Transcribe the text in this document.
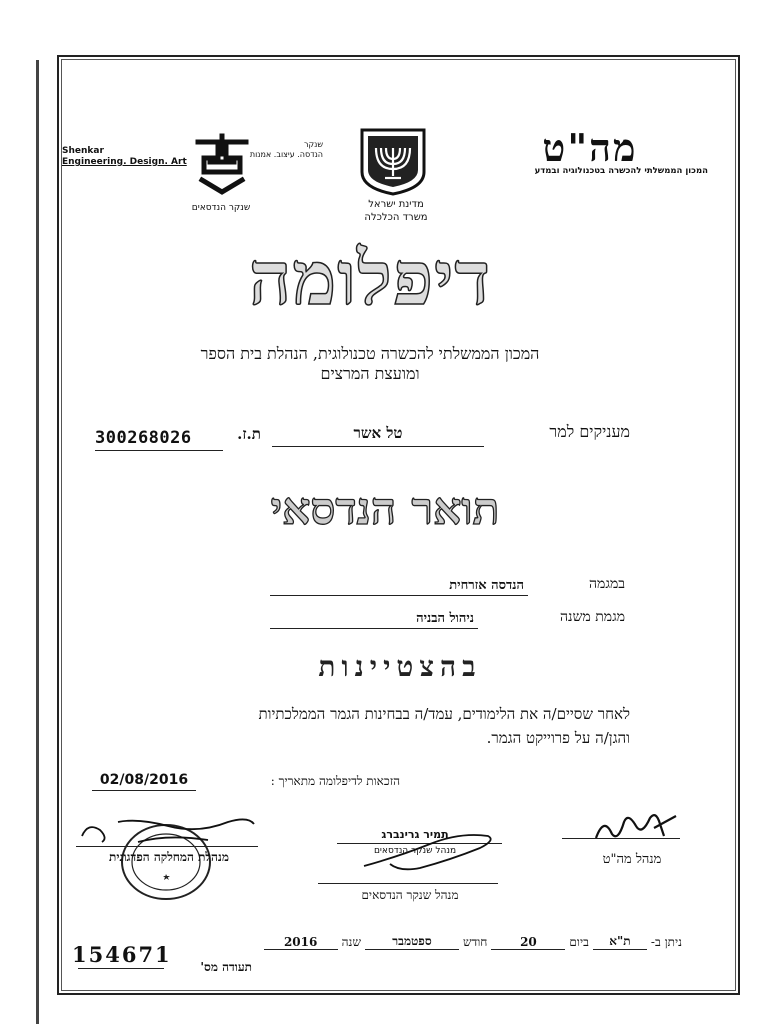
Shenkar
Engineering. Design. Art
שנקר
הנדסה. עיצוב. אמנות
שנקר הנדסאים	מדינת ישראל
משרד הכלכלה
מה"ט
המכון הממשלתי להכשרה בטכנולוגיה ובמדע
דיפלומה
המכון הממשלתי להכשרה טכנולוגית, הנהלת בית הספר
ומועצת המרצים
מעניקים למר
טל אשר
ת.ז.
300268026
תואר הנדסאי
במגמה
הנדסה אזרחית
מגמת משנה
ניהול הבניה
בהצטיינות
לאחר שסיים/ה את הלימודים, עמד/ה בבחינות הגמר הממלכתיות
והגן/ה על פרוייקט הגמר.
הזכאות לדיפלומה מתאריך :
02/08/2016
מנהל מה"ט
תמיר גרינברג
מנהל שנקר הנדסאים
מנהל שנקר הנדסאים
מנהלת המחלקה הפדגוגית
ניתן ב-
ת"א
ביום
20
חודש
ספטמבר
שנה
2016
154671	תעודה מס'
